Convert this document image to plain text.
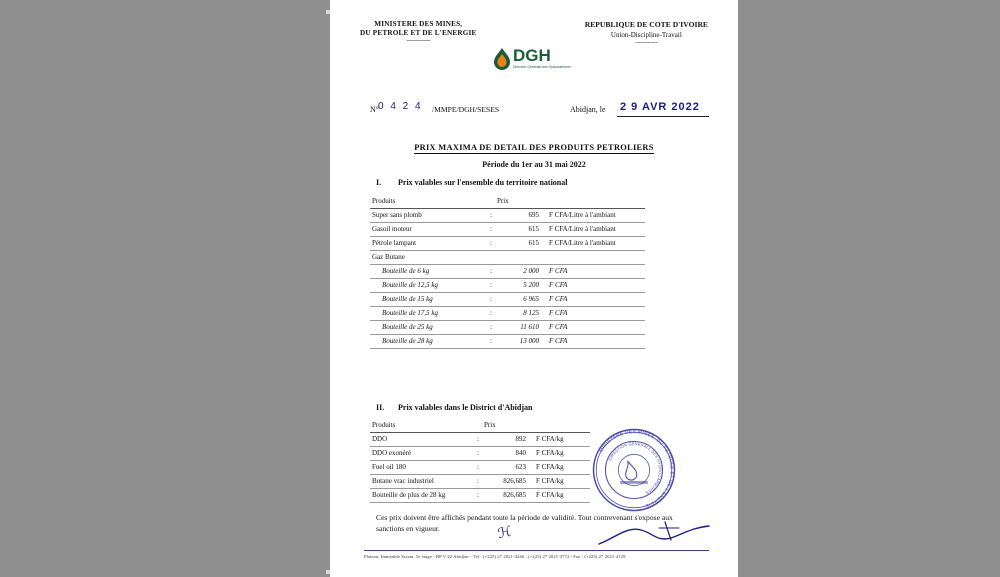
MINISTERE DES MINES,
DU PETROLE ET DE L'ENERGIE
--------------
REPUBLIQUE DE COTE D'IVOIRE
Union-Discipline-Travail
-------------
DGH
Direction Générale des Hydrocarbures
N° 0 4 2 4 /MMPE/DGH/SESES	Abidjan, le 2 9 AVR 2022
PRIX MAXIMA DE DETAIL DES PRODUITS PETROLIERS
Période du 1er au 31 mai 2022
I. Prix valables sur l'ensemble du territoire national
Produits		Prix	
Super sans plomb	:	695	F CFA/Litre à l'ambiant
Gasoil moteur	:	615	F CFA/Litre à l'ambiant
Pétrole lampant	:	615	F CFA/Litre à l'ambiant
Gaz Butane			
Bouteille de 6 kg	:	2 000	F CFA
Bouteille de 12,5 kg	:	5 200	F CFA
Bouteille de 15 kg	:	6 965	F CFA
Bouteille de 17,5 kg	:	8 125	F CFA
Bouteille de 25 kg	:	11 610	F CFA
Bouteille de 28 kg	:	13 000	F CFA
II. Prix valables dans le District d'Abidjan
Produits		Prix	
DDO	:	892	F CFA/kg
DDO exonéré	:	840	F CFA/kg
Fuel oil 180	:	623	F CFA/kg
Butane vrac industriel	:	826,685	F CFA/kg
Bouteille de plus de 28 kg	:	826,685	F CFA/kg
MINISTERE DES MINES, DU PETROLE ET DE L'ENERGIE
DIRECTION GENERALE DES HYDROCARBURES
Ces prix doivent être affichés pendant toute la période de validité. Tout contrevenant s'expose aux sanctions en vigueur.	ℋ
Plateau, Immeuble Sciam, 5e étage - BP V 42 Abidjan - Tél : (+225) 27 2021-4246 ; (+225) 27 2021-3772 / Fax : (+225) 27 2021-4129
